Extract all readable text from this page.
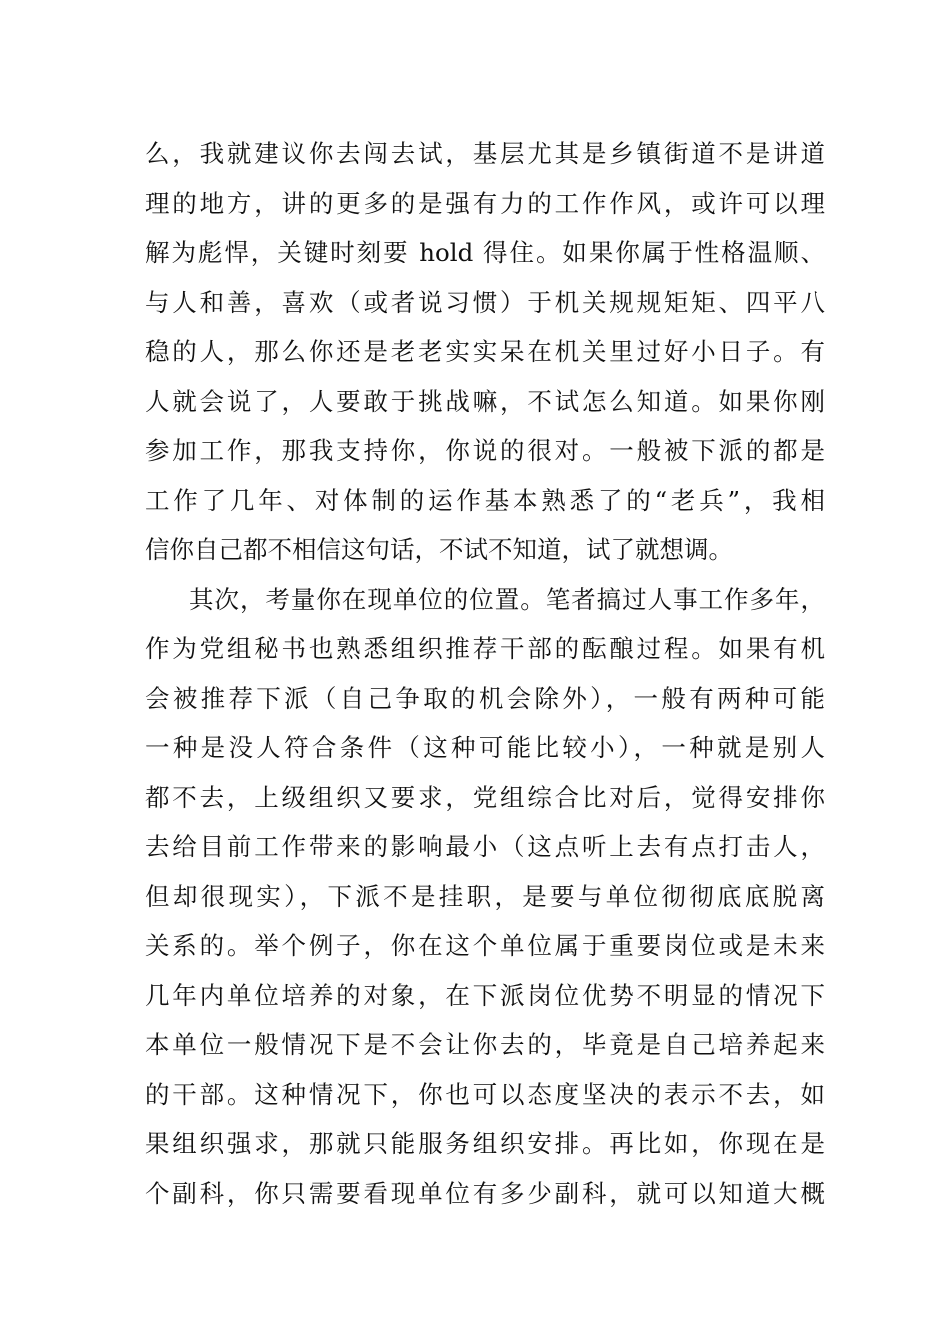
么，我就建议你去闯去试，基层尤其是乡镇街道不是讲道
理的地方，讲的更多的是强有力的工作作风，或许可以理
解为彪悍，关键时刻要 hold 得住。如果你属于性格温顺、
与人和善，喜欢（或者说习惯）于机关规规矩矩、四平八
稳的人，那么你还是老老实实呆在机关里过好小日子。有
人就会说了，人要敢于挑战嘛，不试怎么知道。如果你刚
参加工作，那我支持你，你说的很对。一般被下派的都是
工作了几年、对体制的运作基本熟悉了的“老兵”，我相
信你自己都不相信这句话，不试不知道，试了就想调。
其次，考量你在现单位的位置。笔者搞过人事工作多年，
作为党组秘书也熟悉组织推荐干部的酝酿过程。如果有机
会被推荐下派（自己争取的机会除外），一般有两种可能
一种是没人符合条件（这种可能比较小），一种就是别人
都不去，上级组织又要求，党组综合比对后，觉得安排你
去给目前工作带来的影响最小（这点听上去有点打击人，
但却很现实），下派不是挂职，是要与单位彻彻底底脱离
关系的。举个例子，你在这个单位属于重要岗位或是未来
几年内单位培养的对象，在下派岗位优势不明显的情况下
本单位一般情况下是不会让你去的，毕竟是自己培养起来
的干部。这种情况下，你也可以态度坚决的表示不去，如
果组织强求，那就只能服务组织安排。再比如，你现在是
个副科，你只需要看现单位有多少副科，就可以知道大概
